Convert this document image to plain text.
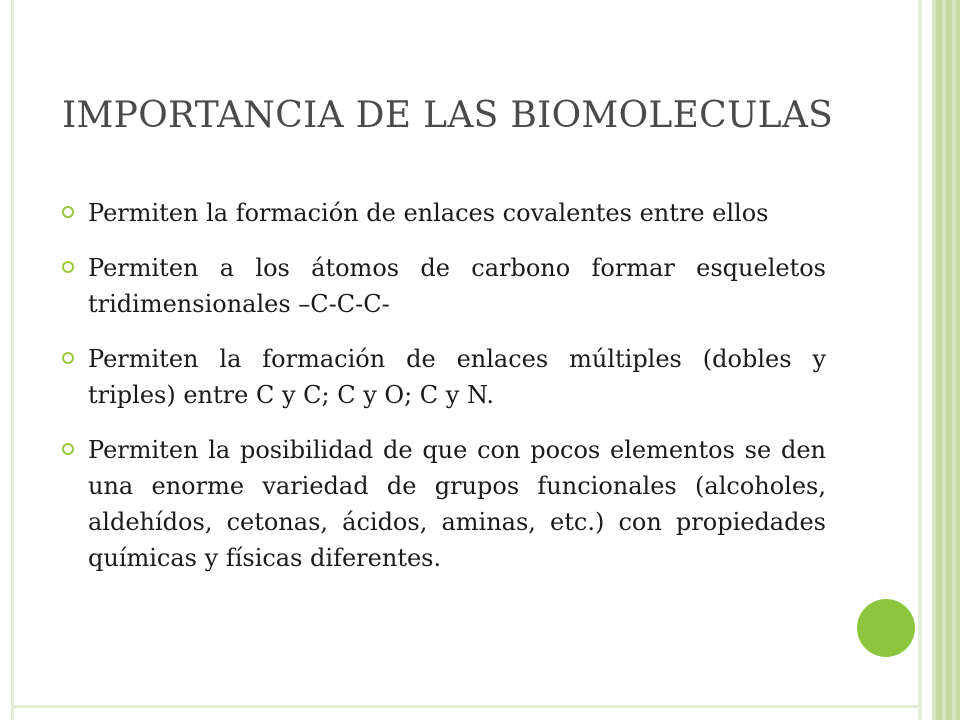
IMPORTANCIA DE LAS BIOMOLECULAS
Permiten la formación de enlaces covalentes entre ellos
Permiten a los átomos de carbono formar esqueletos tridimensionales –C-C-C-
Permiten la formación de enlaces múltiples (dobles y triples) entre C y C; C y O; C y N.
Permiten la posibilidad de que con pocos elementos se den una enorme variedad de grupos funcionales (alcoholes, aldehídos, cetonas, ácidos, aminas, etc.) con propiedades químicas y físicas diferentes.
